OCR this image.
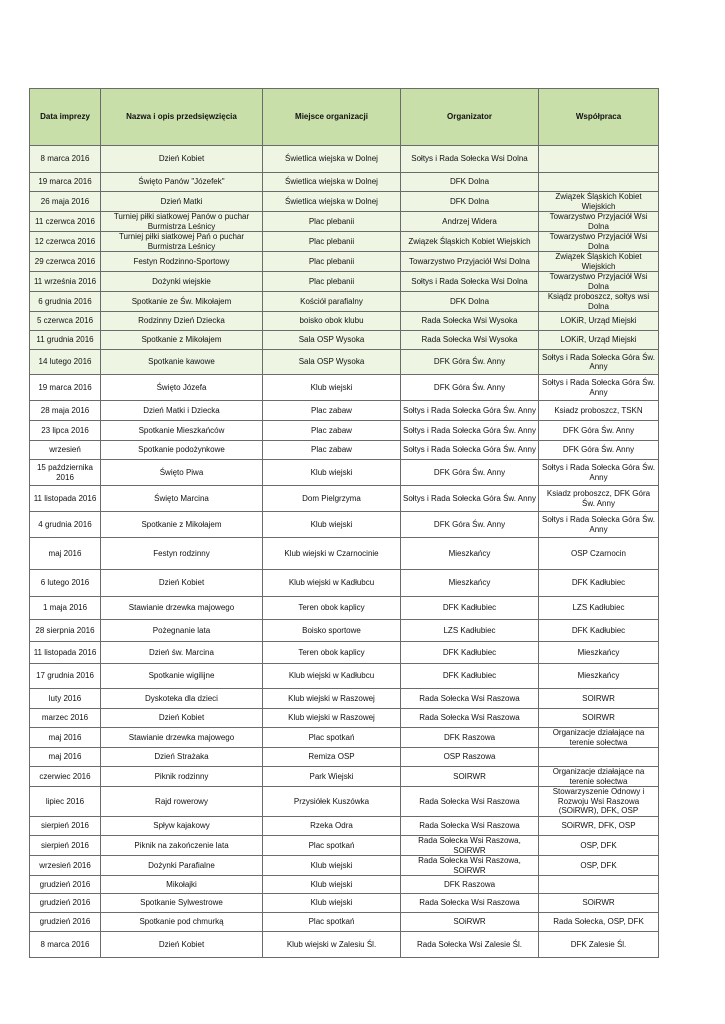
Data imprezy	Nazwa i opis przedsięwzięcia	Miejsce organizacji	Organizator	Współpraca
8 marca 2016	Dzień Kobiet	Świetlica wiejska w Dolnej	Sołtys i Rada Sołecka Wsi Dolna	
19 marca 2016	Święto Panów "Józefek"	Świetlica wiejska w Dolnej	DFK Dolna	
26 maja 2016	Dzień Matki	Świetlica wiejska w Dolnej	DFK Dolna	Związek Śląskich Kobiet Wiejskich
11 czerwca 2016	Turniej piłki siatkowej Panów o puchar Burmistrza Leśnicy	Plac plebanii	Andrzej Widera	Towarzystwo Przyjaciół Wsi Dolna
12 czerwca 2016	Turniej piłki siatkowej Pań o puchar Burmistrza Leśnicy	Plac plebanii	Związek Śląskich Kobiet Wiejskich	Towarzystwo Przyjaciół Wsi Dolna
29 czerwca 2016	Festyn Rodzinno-Sportowy	Plac plebanii	Towarzystwo Przyjaciół Wsi Dolna	Związek Śląskich Kobiet Wiejskich
11 września 2016	Dożynki wiejskie	Plac plebanii	Sołtys i Rada Sołecka Wsi Dolna	Towarzystwo Przyjaciół Wsi Dolna
6 grudnia 2016	Spotkanie ze Św. Mikołajem	Kościół parafialny	DFK Dolna	Ksiądz proboszcz, sołtys wsi Dolna
5 czerwca 2016	Rodzinny Dzień Dziecka	boisko obok klubu	Rada Sołecka Wsi Wysoka	LOKiR, Urząd Miejski
11 grudnia 2016	Spotkanie z Mikołajem	Sala OSP Wysoka	Rada Sołecka Wsi Wysoka	LOKiR, Urząd Miejski
14 lutego 2016	Spotkanie kawowe	Sala OSP Wysoka	DFK Góra Św. Anny	Sołtys i Rada Sołecka Góra Św. Anny
19 marca 2016	Święto Józefa	Klub wiejski	DFK Góra Św. Anny	Sołtys i Rada Sołecka Góra Św. Anny
28 maja 2016	Dzień Matki i Dziecka	Plac zabaw	Sołtys i Rada Sołecka Góra Św. Anny	Ksiadz proboszcz, TSKN
23 lipca 2016	Spotkanie Mieszkańców	Plac zabaw	Sołtys i Rada Sołecka Góra Św. Anny	DFK Góra Św. Anny
wrzesień	Spotkanie podożynkowe	Plac zabaw	Sołtys i Rada Sołecka Góra Św. Anny	DFK Góra Św. Anny
15 października 2016	Święto Piwa	Klub wiejski	DFK Góra Św. Anny	Sołtys i Rada Sołecka Góra Św. Anny
11 listopada 2016	Święto Marcina	Dom Pielgrzyma	Sołtys i Rada Sołecka Góra Św. Anny	Ksiadz proboszcz, DFK Góra Św. Anny
4 grudnia 2016	Spotkanie z Mikołajem	Klub wiejski	DFK Góra Św. Anny	Sołtys i Rada Sołecka Góra Św. Anny
maj 2016	Festyn rodzinny	Klub wiejski w Czarnocinie	Mieszkańcy	OSP Czarnocin
6 lutego 2016	Dzień Kobiet	Klub wiejski w Kadłubcu	Mieszkańcy	DFK Kadłubiec
1 maja 2016	Stawianie drzewka majowego	Teren obok kaplicy	DFK Kadłubiec	LZS Kadłubiec
28 sierpnia 2016	Pożegnanie lata	Boisko sportowe	LZS Kadłubiec	DFK Kadłubiec
11 listopada 2016	Dzień św. Marcina	Teren obok kaplicy	DFK Kadłubiec	Mieszkańcy
17 grudnia 2016	Spotkanie wigilijne	Klub wiejski w Kadłubcu	DFK Kadłubiec	Mieszkańcy
luty 2016	Dyskoteka dla dzieci	Klub wiejski w Raszowej	Rada Sołecka Wsi Raszowa	SOIRWR
marzec 2016	Dzień Kobiet	Klub wiejski w Raszowej	Rada Sołecka Wsi Raszowa	SOIRWR
maj 2016	Stawianie drzewka majowego	Plac spotkań	DFK Raszowa	Organizacje działające na terenie sołectwa
maj 2016	Dzień Strażaka	Remiza OSP	OSP Raszowa	
czerwiec 2016	Piknik rodzinny	Park Wiejski	SOIRWR	Organizacje działające na terenie sołectwa
lipiec 2016	Rajd rowerowy	Przysiółek Kuszówka	Rada Sołecka Wsi Raszowa	Stowarzyszenie Odnowy i Rozwoju Wsi Raszowa (SOiRWR), DFK, OSP
sierpień 2016	Spływ kajakowy	Rzeka Odra	Rada Sołecka Wsi Raszowa	SOiRWR, DFK, OSP
sierpień 2016	Piknik na zakończenie lata	Plac spotkań	Rada Sołecka Wsi Raszowa, SOiRWR	OSP, DFK
wrzesień 2016	Dożynki Parafialne	Klub wiejski	Rada Sołecka Wsi Raszowa, SOiRWR	OSP, DFK
grudzień 2016	Mikołajki	Klub wiejski	DFK Raszowa	
grudzień 2016	Spotkanie Sylwestrowe	Klub wiejski	Rada Sołecka Wsi Raszowa	SOiRWR
grudzień 2016	Spotkanie pod chmurką	Plac spotkań	SOiRWR	Rada Sołecka, OSP, DFK
8 marca 2016	Dzień Kobiet	Klub wiejski w Zalesiu Śl.	Rada Sołecka Wsi Zalesie Śl.	DFK Zalesie Śl.
